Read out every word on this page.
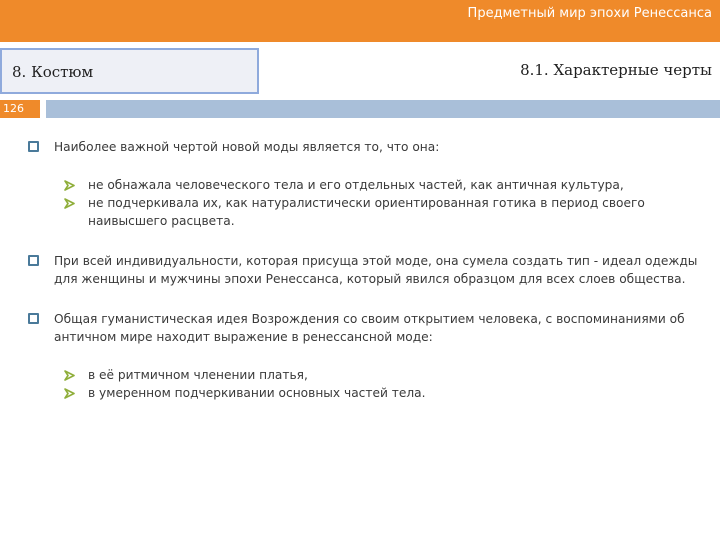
Предметный мир эпохи Ренессанса
8. Костюм	8.1. Характерные черты
126
Наиболее важной чертой новой моды является то, что она:
не обнажала человеческого тела и его отдельных частей, как античная культура,
не подчеркивала их, как натуралистически ориентированная готика в период своего наивысшего расцвета.
При всей индивидуальности, которая присуща этой моде, она сумела создать тип - идеал одежды для женщины и мужчины эпохи Ренессанса, который явился образцом для всех слоев общества.
Общая гуманистическая идея Возрождения со своим открытием человека, с воспоминаниями об античном мире находит выражение в ренессансной моде:
в её ритмичном членении платья,
в умеренном подчеркивании основных частей тела.
